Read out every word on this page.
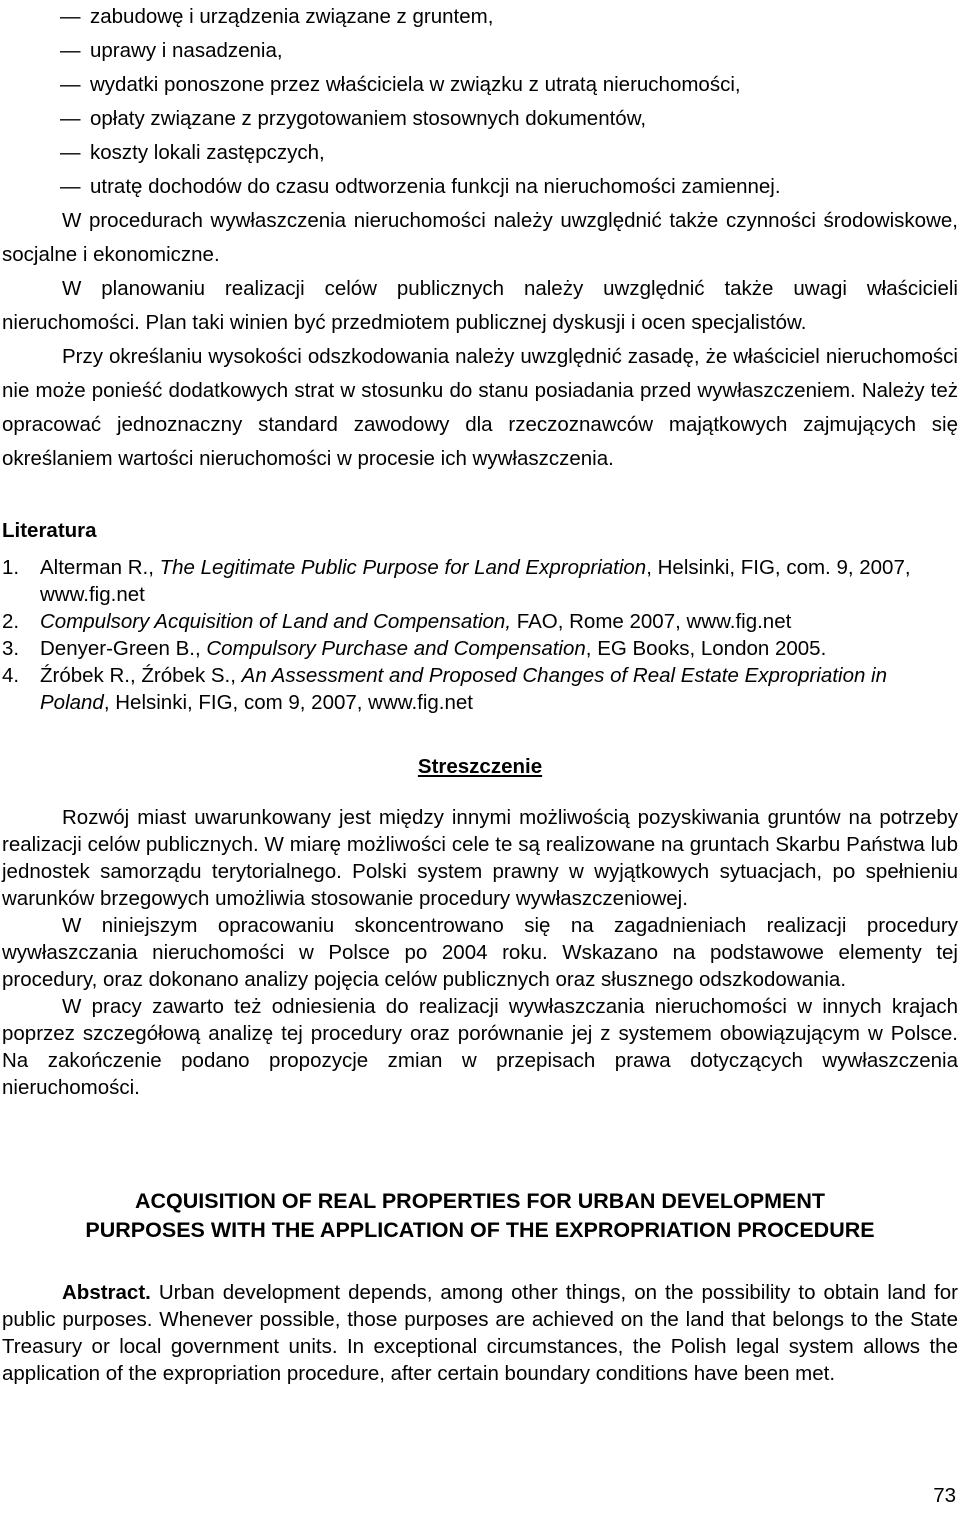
— zabudowę i urządzenia związane z gruntem,
— uprawy i nasadzenia,
— wydatki ponoszone przez właściciela w związku z utratą nieruchomości,
— opłaty związane z przygotowaniem stosownych dokumentów,
— koszty lokali zastępczych,
— utratę dochodów do czasu odtworzenia funkcji na nieruchomości zamiennej.

W procedurach wywłaszczenia nieruchomości należy uwzględnić także czynności środowiskowe, socjalne i ekonomiczne.

W planowaniu realizacji celów publicznych należy uwzględnić także uwagi właścicieli nieruchomości. Plan taki winien być przedmiotem publicznej dyskusji i ocen specjalistów.

Przy określaniu wysokości odszkodowania należy uwzględnić zasadę, że właściciel nieruchomości nie może ponieść dodatkowych strat w stosunku do stanu posiadania przed wywłaszczeniem. Należy też opracować jednoznaczny standard zawodowy dla rzeczoznawców majątkowych zajmujących się określaniem wartości nieruchomości w procesie ich wywłaszczenia.

Literatura
1. Alterman R., The Legitimate Public Purpose for Land Expropriation, Helsinki, FIG, com. 9, 2007, www.fig.net
2. Compulsory Acquisition of Land and Compensation, FAO, Rome 2007, www.fig.net
3. Denyer-Green B., Compulsory Purchase and Compensation, EG Books, London 2005.
4. Źróbek R., Źróbek S., An Assessment and Proposed Changes of Real Estate Expropriation in Poland, Helsinki, FIG, com 9, 2007, www.fig.net
Streszczenie

Rozwój miast uwarunkowany jest między innymi możliwością pozyskiwania gruntów na potrzeby realizacji celów publicznych. W miarę możliwości cele te są realizowane na gruntach Skarbu Państwa lub jednostek samorządu terytorialnego. Polski system prawny w wyjątkowych sytuacjach, po spełnieniu warunków brzegowych umożliwia stosowanie procedury wywłaszczeniowej.

W niniejszym opracowaniu skoncentrowano się na zagadnieniach realizacji procedury wywłaszczania nieruchomości w Polsce po 2004 roku. Wskazano na podstawowe elementy tej procedury, oraz dokonano analizy pojęcia celów publicznych oraz słusznego odszkodowania.

W pracy zawarto też odniesienia do realizacji wywłaszczania nieruchomości w innych krajach poprzez szczegółową analizę tej procedury oraz porównanie jej z systemem obowiązującym w Polsce. Na zakończenie podano propozycje zmian w przepisach prawa dotyczących wywłaszczenia nieruchomości.

ACQUISITION OF REAL PROPERTIES FOR URBAN DEVELOPMENT
PURPOSES WITH THE APPLICATION OF THE EXPROPRIATION PROCEDURE

Abstract. Urban development depends, among other things, on the possibility to obtain land for public purposes. Whenever possible, those purposes are achieved on the land that belongs to the State Treasury or local government units. In exceptional circumstances, the Polish legal system allows the application of the expropriation procedure, after certain boundary conditions have been met.

73
